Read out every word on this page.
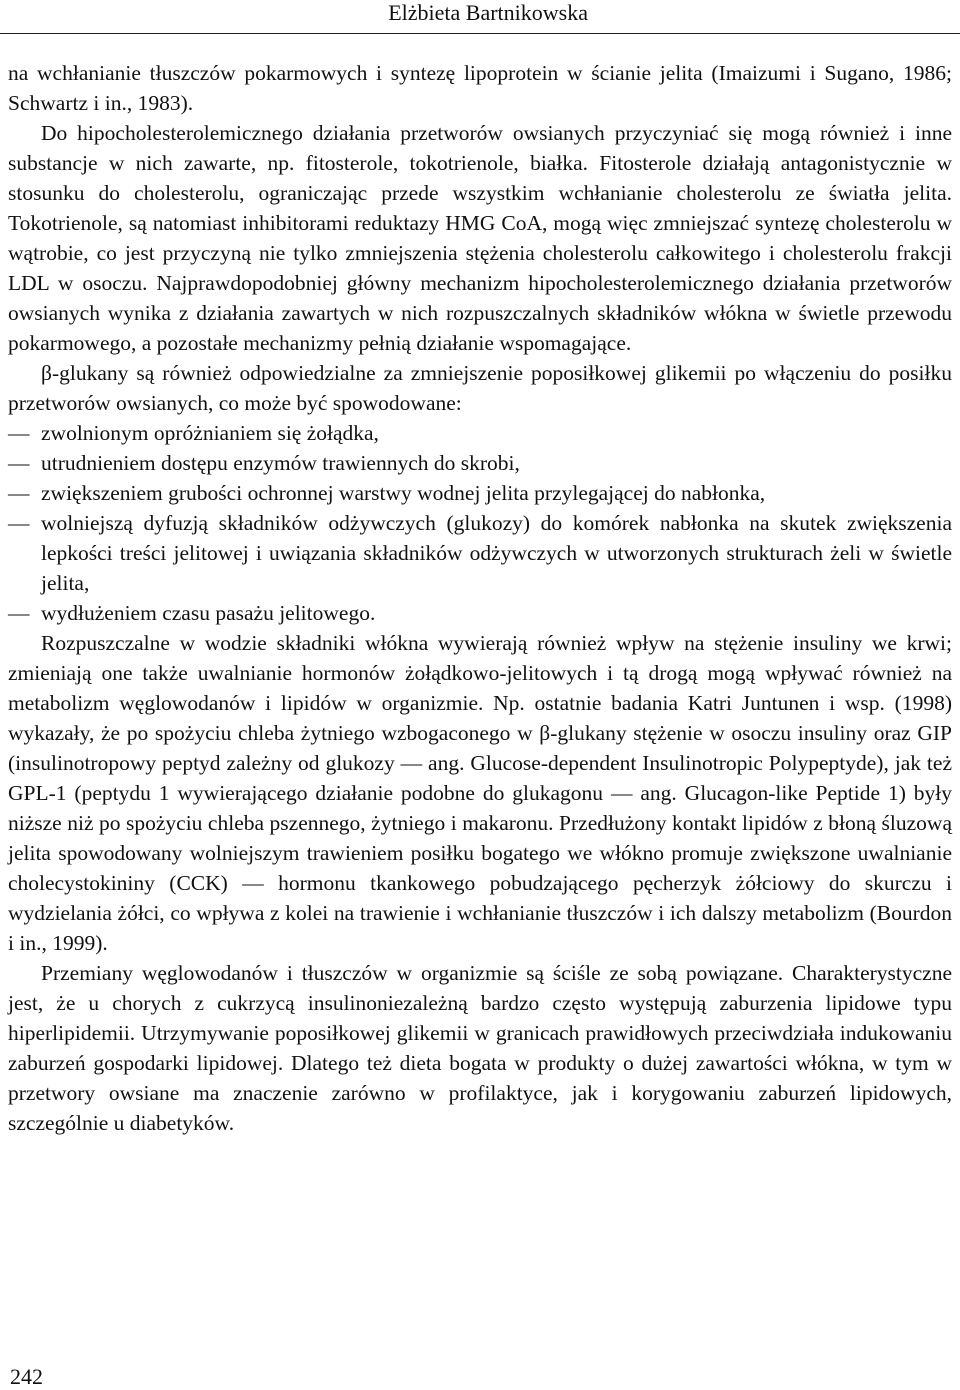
Elżbieta Bartnikowska

na wchłanianie tłuszczów pokarmowych i syntezę lipoprotein w ścianie jelita (Imaizumi i Sugano, 1986; Schwartz i in., 1983).

Do hipocholesterolemicznego działania przetworów owsianych przyczyniać się mogą również i inne substancje w nich zawarte, np. fitosterole, tokotrienole, białka. Fitosterole działają antagonistycznie w stosunku do cholesterolu, ograniczając przede wszystkim wchłanianie cholesterolu ze światła jelita. Tokotrienole, są natomiast inhibitorami reduktazy HMG CoA, mogą więc zmniejszać syntezę cholesterolu w wątrobie, co jest przyczyną nie tylko zmniejszenia stężenia cholesterolu całkowitego i cholesterolu frakcji LDL w osoczu. Najprawdopodobniej główny mechanizm hipocholesterolemicznego działania przetworów owsianych wynika z działania zawartych w nich rozpuszczalnych składników włókna w świetle przewodu pokarmowego, a pozostałe mechanizmy pełnią działanie wspomagające.

β-glukany są również odpowiedzialne za zmniejszenie poposiłkowej glikemii po włączeniu do posiłku przetworów owsianych, co może być spowodowane:

— zwolnionym opróżnianiem się żołądka,
— utrudnieniem dostępu enzymów trawiennych do skrobi,
— zwiększeniem grubości ochronnej warstwy wodnej jelita przylegającej do nabłonka,
— wolniejszą dyfuzją składników odżywczych (glukozy) do komórek nabłonka na skutek zwiększenia lepkości treści jelitowej i uwiązania składników odżywczych w utworzonych strukturach żeli w świetle jelita,
— wydłużeniem czasu pasażu jelitowego.

Rozpuszczalne w wodzie składniki włókna wywierają również wpływ na stężenie insuliny we krwi; zmieniają one także uwalnianie hormonów żołądkowo-jelitowych i tą drogą mogą wpływać również na metabolizm węglowodanów i lipidów w organizmie. Np. ostatnie badania Katri Juntunen i wsp. (1998) wykazały, że po spożyciu chleba żytniego wzbogaconego w β-glukany stężenie w osoczu insuliny oraz GIP (insulinotropowy peptyd zależny od glukozy — ang. Glucose-dependent Insulinotropic Polypeptyde), jak też GPL-1 (peptydu 1 wywierającego działanie podobne do glukagonu — ang. Glucagon-like Peptide 1) były niższe niż po spożyciu chleba pszennego, żytniego i makaronu. Przedłużony kontakt lipidów z błoną śluzową jelita spowodowany wolniejszym trawieniem posiłku bogatego we włókno promuje zwiększone uwalnianie cholecystokininy (CCK) — hormonu tkankowego pobudzającego pęcherzyk żółciowy do skurczu i wydzielania żółci, co wpływa z kolei na trawienie i wchłanianie tłuszczów i ich dalszy metabolizm (Bourdon i in., 1999).

Przemiany węglowodanów i tłuszczów w organizmie są ściśle ze sobą powiązane. Charakterystyczne jest, że u chorych z cukrzycą insulinoniezależną bardzo często występują zaburzenia lipidowe typu hiperlipidemii. Utrzymywanie poposiłkowej glikemii w granicach prawidłowych przeciwdziała indukowaniu zaburzeń gospodarki lipidowej. Dlatego też dieta bogata w produkty o dużej zawartości włókna, w tym w przetwory owsiane ma znaczenie zarówno w profilaktyce, jak i korygowaniu zaburzeń lipidowych, szczególnie u diabetyków.

242
